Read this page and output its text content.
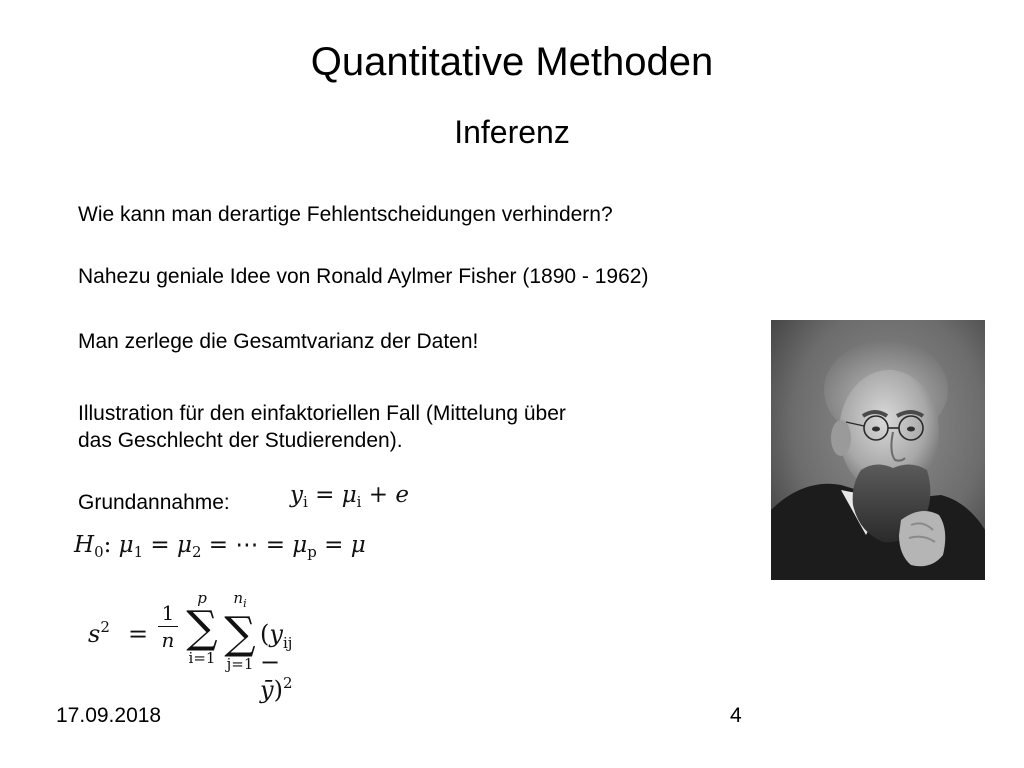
Quantitative Methoden
Inferenz
Wie kann man derartige Fehlentscheidungen verhindern?
Nahezu geniale Idee von Ronald Aylmer Fisher (1890 - 1962)
Man zerlege die Gesamtvarianz der Daten!
Illustration für den einfaktoriellen Fall (Mittelung über
das Geschlecht der Studierenden).
Grundannahme:	$y_i = \mu_i + e$
$H_0$: $\mu_1 = \mu_2$ = ⋯ = $\mu_p = \mu$
$s^2$ =
1
n
p
∑
i=1
$n_i$
∑
j=1
($y_{ij}$ − ȳ)$^2$
17.09.2018	4
